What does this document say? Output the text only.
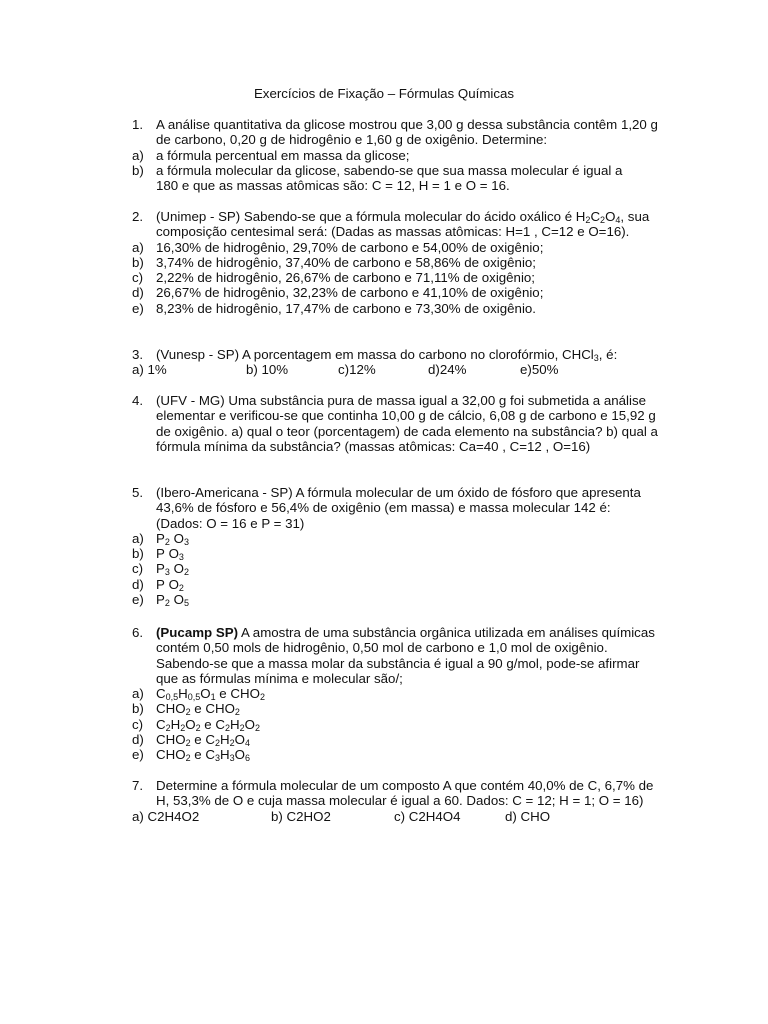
Exercícios de Fixação – Fórmulas Químicas
1. A análise quantitativa da glicose mostrou que 3,00 g dessa substância contêm 1,20 g de carbono, 0,20 g de hidrogênio e 1,60 g de oxigênio. Determine:
a) a fórmula percentual em massa da glicose;
b) a fórmula molecular da glicose, sabendo-se que sua massa molecular é igual a
180 e que as massas atômicas são: C = 12, H = 1 e O = 16.
2. (Unimep - SP) Sabendo-se que a fórmula molecular do ácido oxálico é $H_2C_2O_4$, sua composição centesimal será: (Dadas as massas atômicas: H=1 , C=12 e O=16).
a) 16,30% de hidrogênio, 29,70% de carbono e 54,00% de oxigênio;
b) 3,74% de hidrogênio, 37,40% de carbono e 58,86% de oxigênio;
c) 2,22% de hidrogênio, 26,67% de carbono e 71,11% de oxigênio;
d) 26,67% de hidrogênio, 32,23% de carbono e 41,10% de oxigênio;
e) 8,23% de hidrogênio, 17,47% de carbono e 73,30% de oxigênio.
3. (Vunesp - SP) A porcentagem em massa do carbono no clorofórmio, CHCl$_3$, é:
a) 1%	b) 10%	c)12%	d)24%	e)50%
4. (UFV - MG) Uma substância pura de massa igual a 32,00 g foi submetida a análise elementar e verificou-se que continha 10,00 g de cálcio, 6,08 g de carbono e 15,92 g de oxigênio. a) qual o teor (porcentagem) de cada elemento na substância? b) qual a fórmula mínima da substância? (massas atômicas: Ca=40 , C=12 , O=16)
5. (Ibero-Americana - SP) A fórmula molecular de um óxido de fósforo que apresenta 43,6% de fósforo e 56,4% de oxigênio (em massa) e massa molecular 142 é: (Dados: O = 16 e P = 31)
a) $P_2$ $O_3$
b) P $O_3$
c) $P_3$ $O_2$
d) P $O_2$
e) $P_2$ $O_5$
6. (Pucamp SP) A amostra de uma substância orgânica utilizada em análises químicas contém 0,50 mols de hidrogênio, 0,50 mol de carbono e 1,0 mol de oxigênio. Sabendo-se que a massa molar da substância é igual a 90 g/mol, pode-se afirmar que as fórmulas mínima e molecular são/;
a) $C_{0,5}H_{0,5}O_1$ e $CHO_2$
b) $CHO_2$ e $CHO_2$
c) $C_2H_2O_2$ e $C_2H_2O_2$
d) $CHO_2$ e $C_2H_2O_4$
e) $CHO_2$ e $C_3H_3O_6$
7. Determine a fórmula molecular de um composto A que contém 40,0% de C, 6,7% de H, 53,3% de O e cuja massa molecular é igual a 60. Dados: C = 12; H = 1; O = 16)
a) C2H4O2	b) C2HO2	c) C2H4O4	d) CHO
